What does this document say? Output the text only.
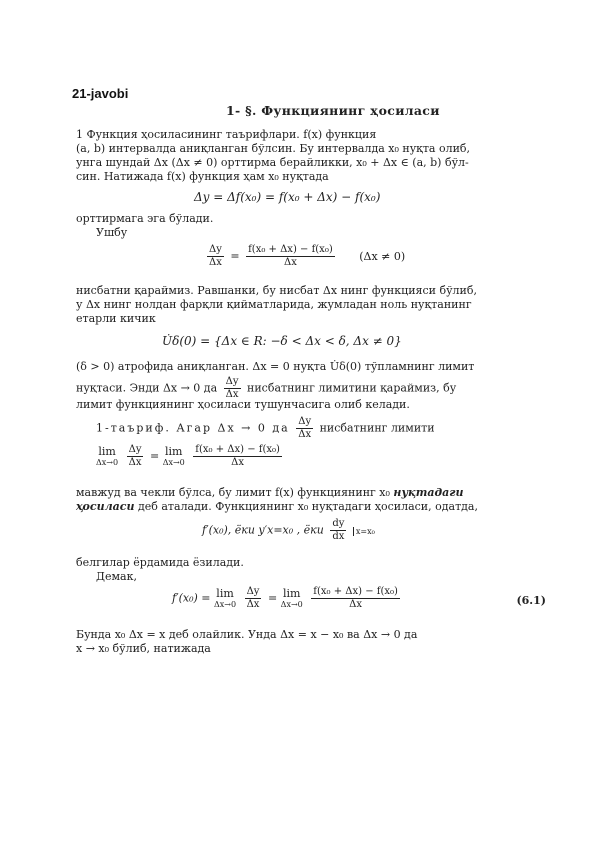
21-javobi
1- §. Функциянинг ҳосиласи
1 Функция ҳосиласининг таърифлари. f(x) функция
(a, b) интервалда аниқланган бўлсин. Бу интервалда x₀ нуқта олиб,
унга шундай Δx (Δx ≠ 0) орттирма берайликки, x₀ + Δx ∈ (a, b) бўл-
син. Натижада f(x) функция ҳам x₀ нуқтада
Δy = Δf(x₀) = f(x₀ + Δx) − f(x₀)
орттирмага эга бўлади.
Ушбу
$\frac{\Delta y}{\Delta x} = \frac{\text{f(x₀ + Δx) − f(x₀)}}{\Delta x} (\Delta x \ne 0)$
нисбатни қараймиз. Равшанки, бу нисбат Δx нинг функцияси бўлиб,
у Δx нинг нолдан фарқли қийматларида, жумладан ноль нуқтанинг
етарли кичик
U̇δ(0) = {Δx ∈ R: −δ < Δx < δ, Δx ≠ 0}
(δ > 0) атрофида аниқланган. Δx = 0 нуқта U̇δ(0) тўпламнинг лимит
нуқтаси. Энди Δx → 0 да $\frac{\Delta y}{\Delta x}$ нисбатнинг лимитини қараймиз, бу
лимит функциянинг ҳосиласи тушунчасига олиб келади.
1-таъриф. Агар Δx → 0 да $\frac{\Delta y}{\Delta x}$ нисбатнинг лимити
lim
Δx→0
$\frac{\Delta y}{\Delta x} = \lim$
Δx→0
$\frac{\text{f(x₀ + Δx) − f(x₀)}}{\Delta x}$
мавжуд ва чекли бўлса, бу лимит f(x) функциянинг x₀ нуқтадаги
ҳосиласи деб аталади. Функциянинг x₀ нуқтадаги ҳосиласи, одатда,
f′(x₀), ёки y′x=x₀ , ёки $\frac{dy}{dx} x=x_0$
белгилар ёрдамида ёзилади.
Демак,
f′(x₀) = lim
Δx→0
$\frac{\Delta y}{\Delta x} = \lim$
Δx→0
$\frac{\text{f(x₀ + Δx) − f(x₀)}}{\Delta x}$	(6.1)
Бунда x₀ Δx = x деб олайлик. Унда Δx = x − x₀ ва Δx → 0 да
x → x₀ бўлиб, натижада
